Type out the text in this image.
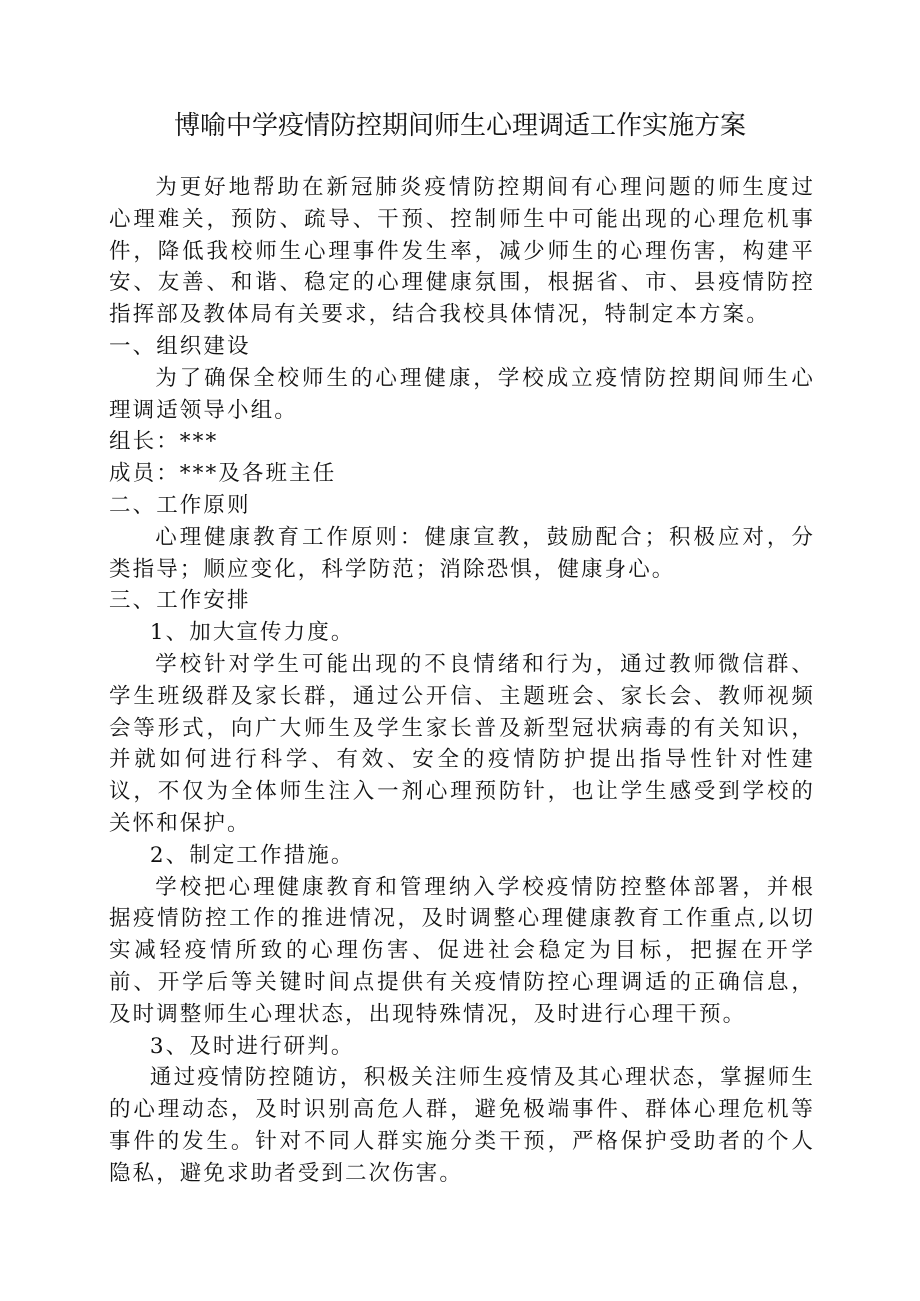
博喻中学疫情防控期间师生心理调适工作实施方案

为更好地帮助在新冠肺炎疫情防控期间有心理问题的师生度过心理难关，预防、疏导、干预、控制师生中可能出现的心理危机事件，降低我校师生心理事件发生率，减少师生的心理伤害，构建平安、友善、和谐、稳定的心理健康氛围，根据省、市、县疫情防控指挥部及教体局有关要求，结合我校具体情况，特制定本方案。

一、组织建设

为了确保全校师生的心理健康，学校成立疫情防控期间师生心理调适领导小组。

组长：***

成员：***及各班主任

二、工作原则

心理健康教育工作原则：健康宣教，鼓励配合；积极应对，分类指导；顺应变化，科学防范；消除恐惧，健康身心。

三、工作安排

1、加大宣传力度。

学校针对学生可能出现的不良情绪和行为，通过教师微信群、学生班级群及家长群，通过公开信、主题班会、家长会、教师视频会等形式，向广大师生及学生家长普及新型冠状病毒的有关知识，并就如何进行科学、有效、安全的疫情防护提出指导性针对性建议，不仅为全体师生注入一剂心理预防针，也让学生感受到学校的关怀和保护。

2、制定工作措施。

学校把心理健康教育和管理纳入学校疫情防控整体部署，并根据疫情防控工作的推进情况，及时调整心理健康教育工作重点,以切实减轻疫情所致的心理伤害、促进社会稳定为目标，把握在开学前、开学后等关键时间点提供有关疫情防控心理调适的正确信息，及时调整师生心理状态，出现特殊情况，及时进行心理干预。

3、及时进行研判。

通过疫情防控随访，积极关注师生疫情及其心理状态，掌握师生的心理动态，及时识别高危人群，避免极端事件、群体心理危机等事件的发生。针对不同人群实施分类干预，严格保护受助者的个人隐私，避免求助者受到二次伤害。
